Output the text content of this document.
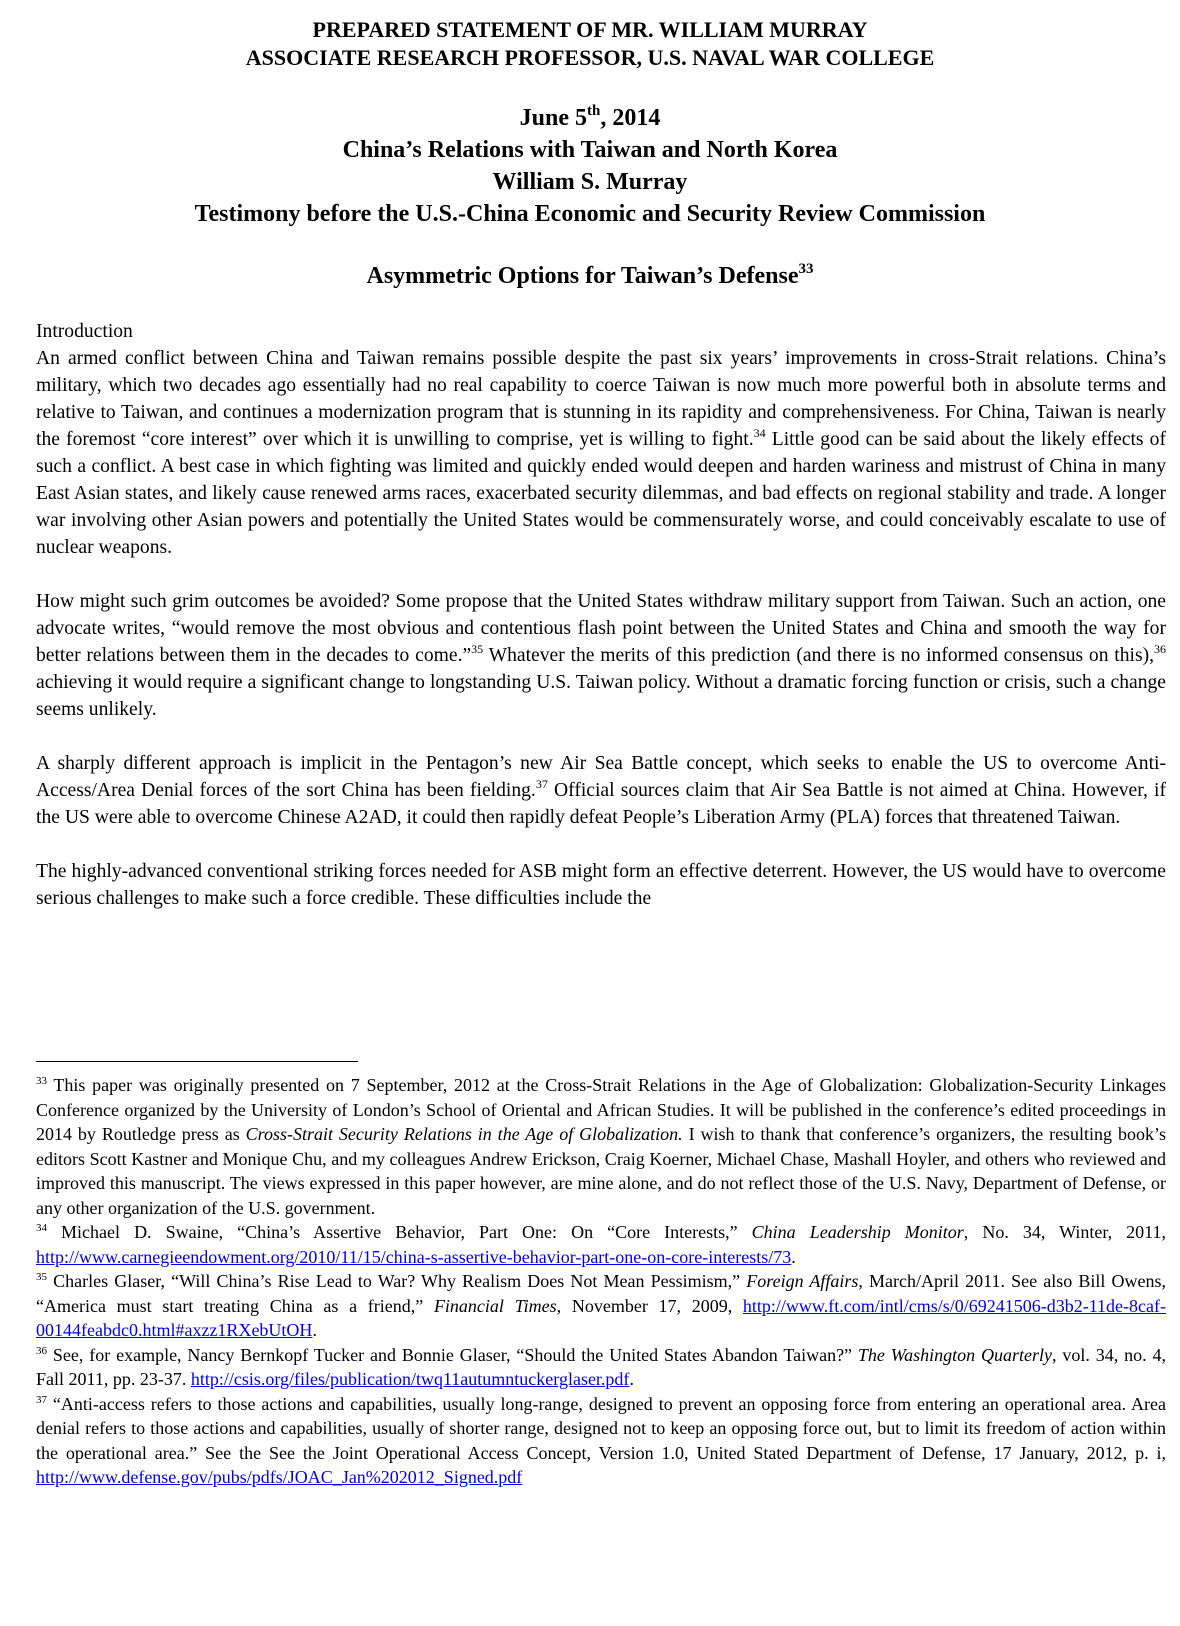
PREPARED STATEMENT OF MR. WILLIAM MURRAY
ASSOCIATE RESEARCH PROFESSOR, U.S. NAVAL WAR COLLEGE
June 5th, 2014
China’s Relations with Taiwan and North Korea
William S. Murray
Testimony before the U.S.-China Economic and Security Review Commission
Asymmetric Options for Taiwan’s Defense$^{33}$

Introduction

An armed conflict between China and Taiwan remains possible despite the past six years’ improvements in cross-Strait relations. China’s military, which two decades ago essentially had no real capability to coerce Taiwan is now much more powerful both in absolute terms and relative to Taiwan, and continues a modernization program that is stunning in its rapidity and comprehensiveness. For China, Taiwan is nearly the foremost “core interest” over which it is unwilling to comprise, yet is willing to fight.$^{34}$ Little good can be said about the likely effects of such a conflict. A best case in which fighting was limited and quickly ended would deepen and harden wariness and mistrust of China in many East Asian states, and likely cause renewed arms races, exacerbated security dilemmas, and bad effects on regional stability and trade. A longer war involving other Asian powers and potentially the United States would be commensurately worse, and could conceivably escalate to use of nuclear weapons.

How might such grim outcomes be avoided? Some propose that the United States withdraw military support from Taiwan. Such an action, one advocate writes, “would remove the most obvious and contentious flash point between the United States and China and smooth the way for better relations between them in the decades to come.”$^{35}$ Whatever the merits of this prediction (and there is no informed consensus on this),$^{36}$ achieving it would require a significant change to longstanding U.S. Taiwan policy. Without a dramatic forcing function or crisis, such a change seems unlikely.

A sharply different approach is implicit in the Pentagon’s new Air Sea Battle concept, which seeks to enable the US to overcome Anti-Access/Area Denial forces of the sort China has been fielding.$^{37}$ Official sources claim that Air Sea Battle is not aimed at China. However, if the US were able to overcome Chinese A2AD, it could then rapidly defeat People’s Liberation Army (PLA) forces that threatened Taiwan.

The highly-advanced conventional striking forces needed for ASB might form an effective deterrent. However, the US would have to overcome serious challenges to make such a force credible. These difficulties include the

$^{33}$ This paper was originally presented on 7 September, 2012 at the Cross-Strait Relations in the Age of Globalization: Globalization-Security Linkages Conference organized by the University of London’s School of Oriental and African Studies. It will be published in the conference’s edited proceedings in 2014 by Routledge press as Cross-Strait Security Relations in the Age of Globalization. I wish to thank that conference’s organizers, the resulting book’s editors Scott Kastner and Monique Chu, and my colleagues Andrew Erickson, Craig Koerner, Michael Chase, Mashall Hoyler, and others who reviewed and improved this manuscript. The views expressed in this paper however, are mine alone, and do not reflect those of the U.S. Navy, Department of Defense, or any other organization of the U.S. government.

$^{34}$ Michael D. Swaine, “China’s Assertive Behavior, Part One: On “Core Interests,” China Leadership Monitor, No. 34, Winter, 2011, http://www.carnegieendowment.org/2010/11/15/china-s-assertive-behavior-part-one-on-core-interests/73.

$^{35}$ Charles Glaser, “Will China’s Rise Lead to War? Why Realism Does Not Mean Pessimism,” Foreign Affairs, March/April 2011. See also Bill Owens, “America must start treating China as a friend,” Financial Times, November 17, 2009, http://www.ft.com/intl/cms/s/0/69241506-d3b2-11de-8caf-00144feabdc0.html#axzz1RXebUtOH.

$^{36}$ See, for example, Nancy Bernkopf Tucker and Bonnie Glaser, “Should the United States Abandon Taiwan?” The Washington Quarterly, vol. 34, no. 4, Fall 2011, pp. 23-37. http://csis.org/files/publication/twq11autumntuckerglaser.pdf.

$^{37}$ “Anti-access refers to those actions and capabilities, usually long-range, designed to prevent an opposing force from entering an operational area. Area denial refers to those actions and capabilities, usually of shorter range, designed not to keep an opposing force out, but to limit its freedom of action within the operational area.” See the See the Joint Operational Access Concept, Version 1.0, United Stated Department of Defense, 17 January, 2012, p. i, http://www.defense.gov/pubs/pdfs/JOAC_Jan%202012_Signed.pdf
